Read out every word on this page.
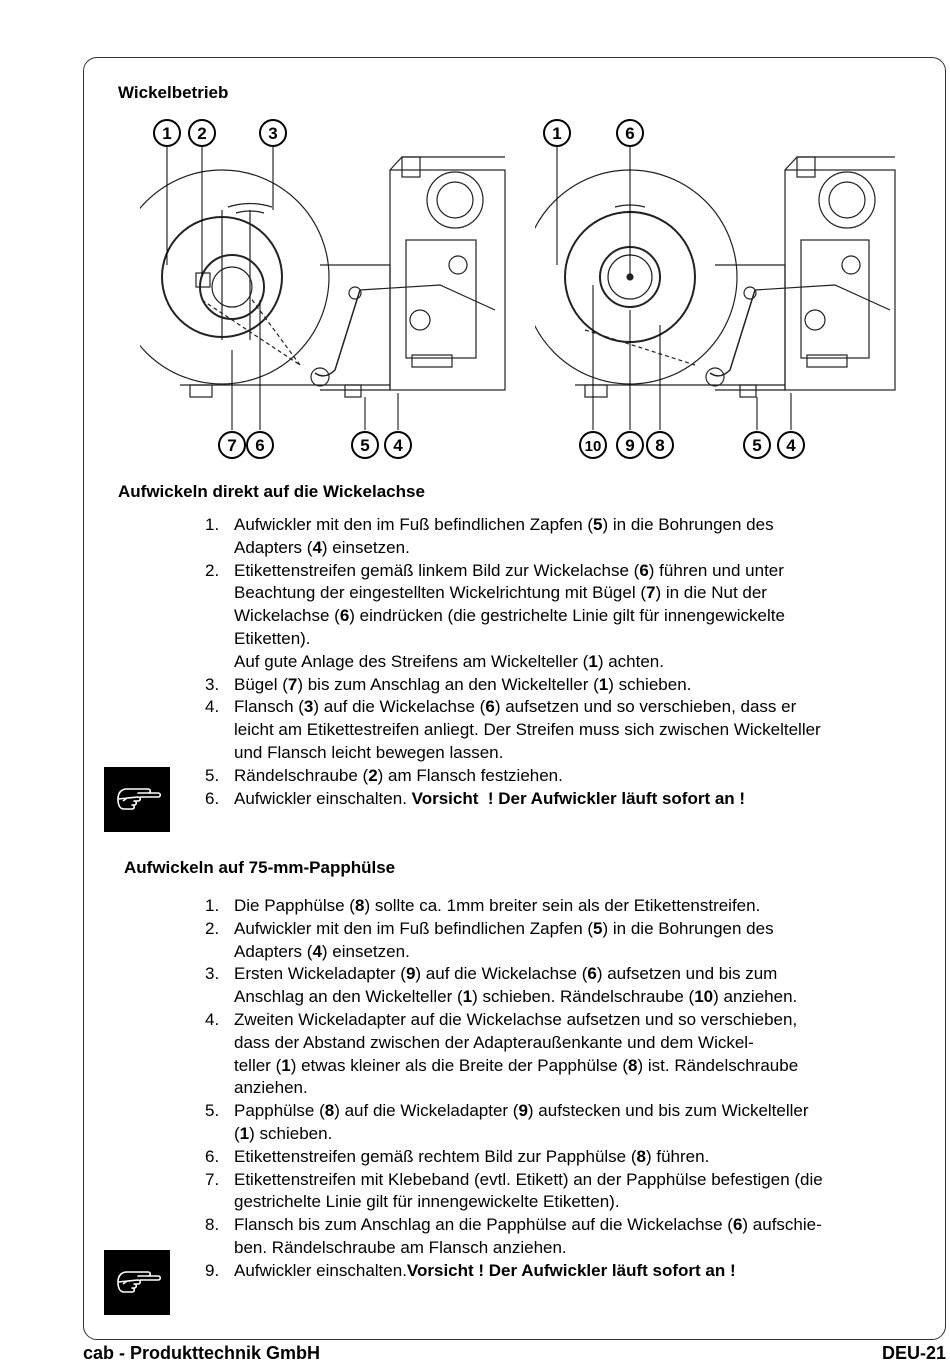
Wickelbetrieb
1 2	3
7 6	5 4
1	6
10 9 8	5 4
Aufwickeln direkt auf die Wickelachse
1. Aufwickler mit den im Fuß befindlichen Zapfen (5) in die Bohrungen des
Adapters (4) einsetzen.
2. Etikettenstreifen gemäß linkem Bild zur Wickelachse (6) führen und unter
Beachtung der eingestellten Wickelrichtung mit Bügel (7) in die Nut der
Wickelachse (6) eindrücken (die gestrichelte Linie gilt für innengewickelte
Etiketten).
Auf gute Anlage des Streifens am Wickelteller (1) achten.
3. Bügel (7) bis zum Anschlag an den Wickelteller (1) schieben.
4. Flansch (3) auf die Wickelachse (6) aufsetzen und so verschieben, dass er
leicht am Etikettestreifen anliegt. Der Streifen muss sich zwischen Wickelteller
und Flansch leicht bewegen lassen.
5. Rändelschraube (2) am Flansch festziehen.
6. Aufwickler einschalten. Vorsicht  ! Der Aufwickler läuft sofort an !
Aufwickeln auf 75-mm-Papphülse
1. Die Papphülse (8) sollte ca. 1mm breiter sein als der Etikettenstreifen.
2. Aufwickler mit den im Fuß befindlichen Zapfen (5) in die Bohrungen des
Adapters (4) einsetzen.
3. Ersten Wickeladapter (9) auf die Wickelachse (6) aufsetzen und bis zum
Anschlag an den Wickelteller (1) schieben. Rändelschraube (10) anziehen.
4. Zweiten Wickeladapter auf die Wickelachse aufsetzen und so verschieben,
dass der Abstand zwischen der Adapteraußenkante und dem Wickel-
teller (1) etwas kleiner als die Breite der Papphülse (8) ist. Rändelschraube
anziehen.
5. Papphülse (8) auf die Wickeladapter (9) aufstecken und bis zum Wickelteller
(1) schieben.
6. Etikettenstreifen gemäß rechtem Bild zur Papphülse (8) führen.
7. Etikettenstreifen mit Klebeband (evtl. Etikett) an der Papphülse befestigen (die
gestrichelte Linie gilt für innengewickelte Etiketten).
8. Flansch bis zum Anschlag an die Papphülse auf die Wickelachse (6) aufschie-
ben. Rändelschraube am Flansch anziehen.
9. Aufwickler einschalten.Vorsicht ! Der Aufwickler läuft sofort an !
cab - Produkttechnik GmbH	DEU-21
